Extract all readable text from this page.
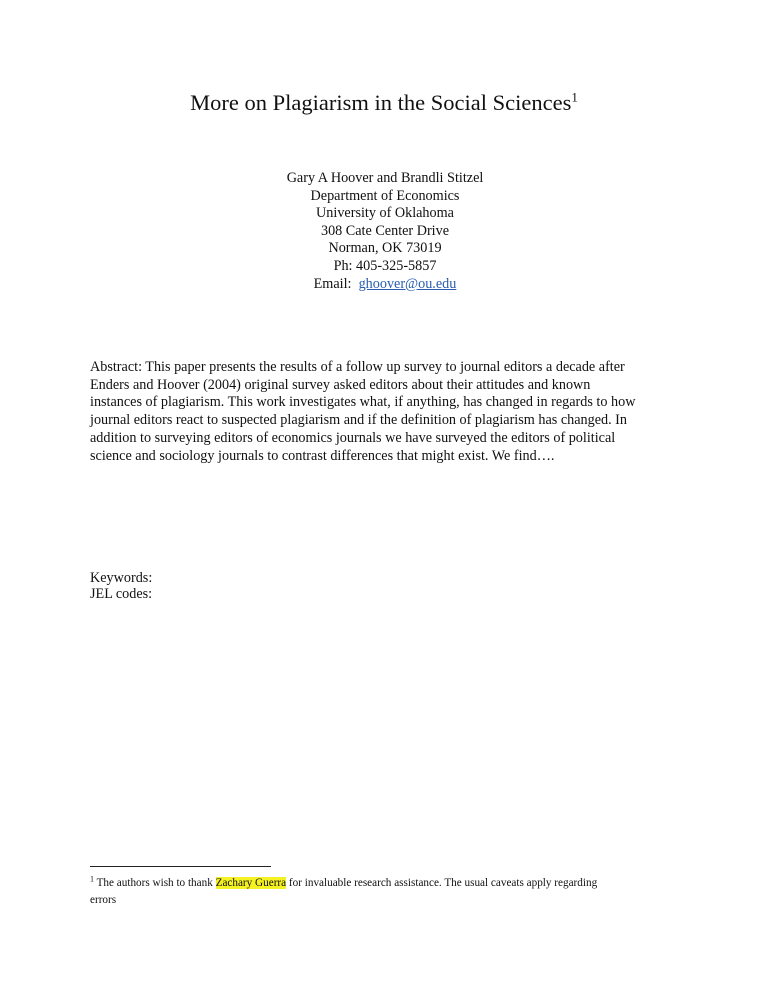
More on Plagiarism in the Social Sciences$^1$
Gary A Hoover and Brandli Stitzel
Department of Economics
University of Oklahoma
308 Cate Center Drive
Norman, OK 73019
Ph: 405-325-5857
Email: ghoover@ou.edu
Abstract: This paper presents the results of a follow up survey to journal editors a decade after
Enders and Hoover (2004) original survey asked editors about their attitudes and known
instances of plagiarism. This work investigates what, if anything, has changed in regards to how
journal editors react to suspected plagiarism and if the definition of plagiarism has changed. In
addition to surveying editors of economics journals we have surveyed the editors of political
science and sociology journals to contrast differences that might exist. We find….
Keywords:
JEL codes:
$^1$ The authors wish to thank Zachary Guerra for invaluable research assistance. The usual caveats apply regarding
errors
